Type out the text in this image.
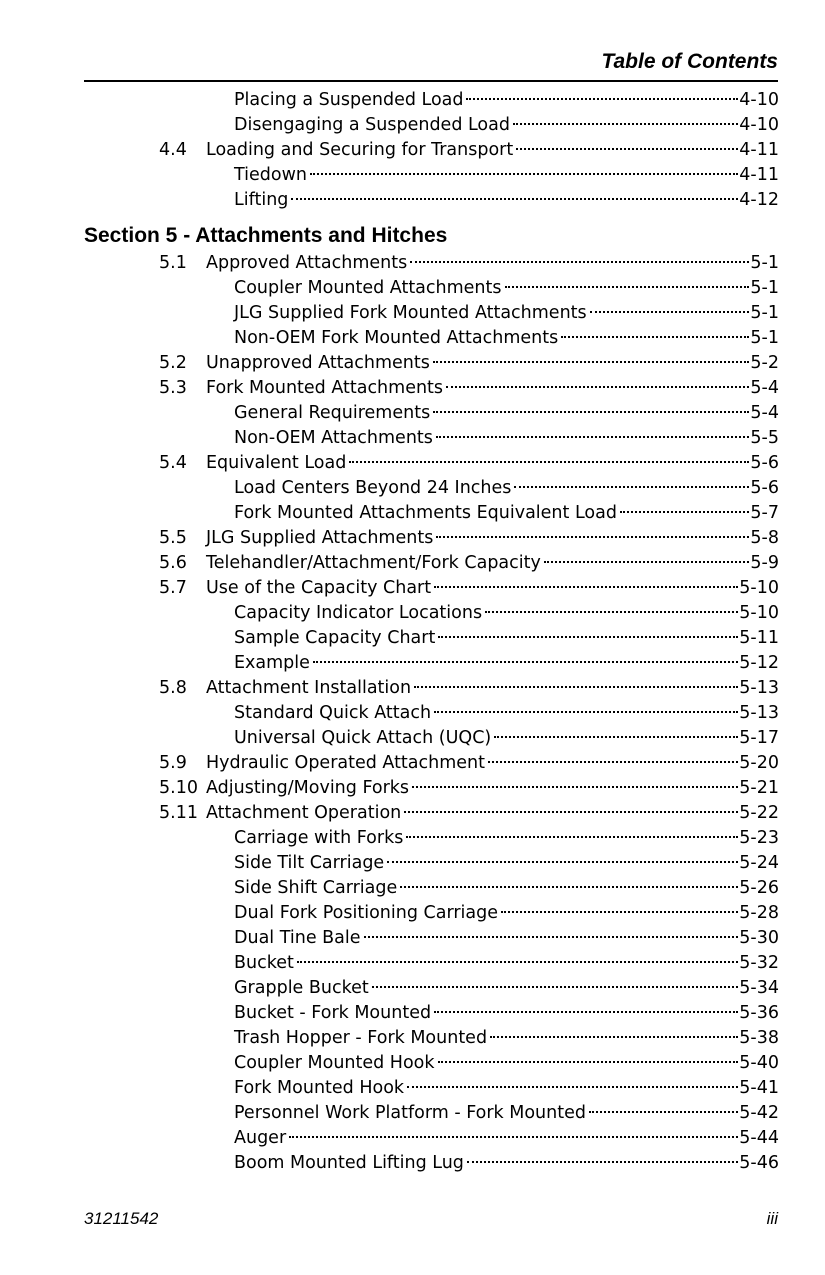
Table of Contents
Placing a Suspended Load	4-10
Disengaging a Suspended Load	4-10
4.4 Loading and Securing for Transport	4-11
Tiedown	4-11
Lifting	4-12
Section 5 - Attachments and Hitches
5.1 Approved Attachments	5-1
Coupler Mounted Attachments	5-1
JLG Supplied Fork Mounted Attachments	5-1
Non-OEM Fork Mounted Attachments	5-1
5.2 Unapproved Attachments	5-2
5.3 Fork Mounted Attachments	5-4
General Requirements	5-4
Non-OEM Attachments	5-5
5.4 Equivalent Load	5-6
Load Centers Beyond 24 Inches	5-6
Fork Mounted Attachments Equivalent Load	5-7
5.5 JLG Supplied Attachments	5-8
5.6 Telehandler/Attachment/Fork Capacity	5-9
5.7 Use of the Capacity Chart	5-10
Capacity Indicator Locations	5-10
Sample Capacity Chart	5-11
Example	5-12
5.8 Attachment Installation	5-13
Standard Quick Attach	5-13
Universal Quick Attach (UQC)	5-17
5.9 Hydraulic Operated Attachment	5-20
5.10 Adjusting/Moving Forks	5-21
5.11 Attachment Operation	5-22
Carriage with Forks	5-23
Side Tilt Carriage	5-24
Side Shift Carriage	5-26
Dual Fork Positioning Carriage	5-28
Dual Tine Bale	5-30
Bucket	5-32
Grapple Bucket	5-34
Bucket - Fork Mounted	5-36
Trash Hopper - Fork Mounted	5-38
Coupler Mounted Hook	5-40
Fork Mounted Hook	5-41
Personnel Work Platform - Fork Mounted	5-42
Auger	5-44
Boom Mounted Lifting Lug	5-46
31211542	iii
